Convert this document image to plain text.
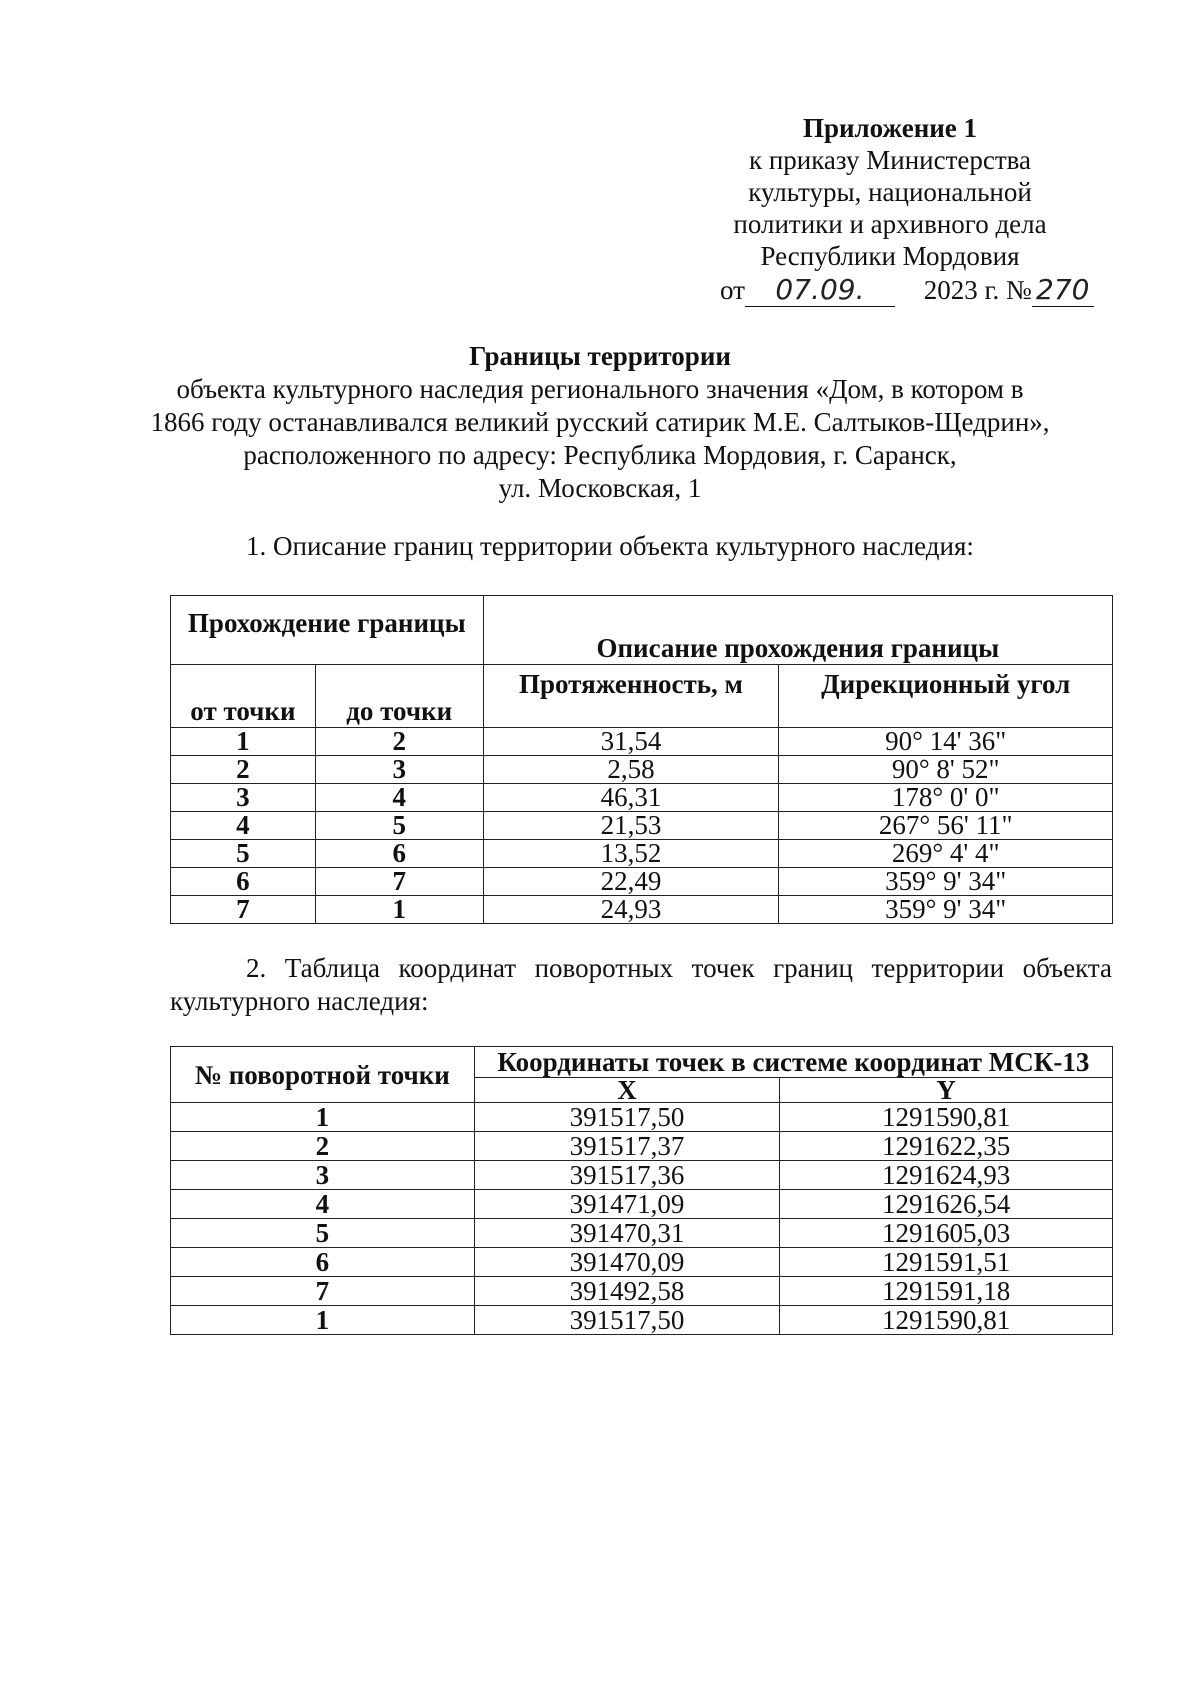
Приложение 1
к приказу Министерства
культуры, национальной
политики и архивного дела
Республики Мордовия
от 07.09. 2023 г. № 270
Границы территории
объекта культурного наследия регионального значения «Дом, в котором в
1866 году останавливался великий русский сатирик М.Е. Салтыков-Щедрин»,
расположенного по адресу: Республика Мордовия, г. Саранск,
ул. Московская, 1
1. Описание границ территории объекта культурного наследия:
Прохождение границы		Описание прохождения границы	
от точки	до точки	Протяженность, м	Дирекционный угол
1	2	31,54	90° 14' 36"
2	3	2,58	90° 8' 52"
3	4	46,31	178° 0' 0"
4	5	21,53	267° 56' 11"
5	6	13,52	269° 4' 4"
6	7	22,49	359° 9' 34"
7	1	24,93	359° 9' 34"
2. Таблица координат поворотных точек границ территории объекта культурного наследия:
№ поворотной точки	Координаты точек в системе координат МСК-13	
	X	Y
1	391517,50	1291590,81
2	391517,37	1291622,35
3	391517,36	1291624,93
4	391471,09	1291626,54
5	391470,31	1291605,03
6	391470,09	1291591,51
7	391492,58	1291591,18
1	391517,50	1291590,81
